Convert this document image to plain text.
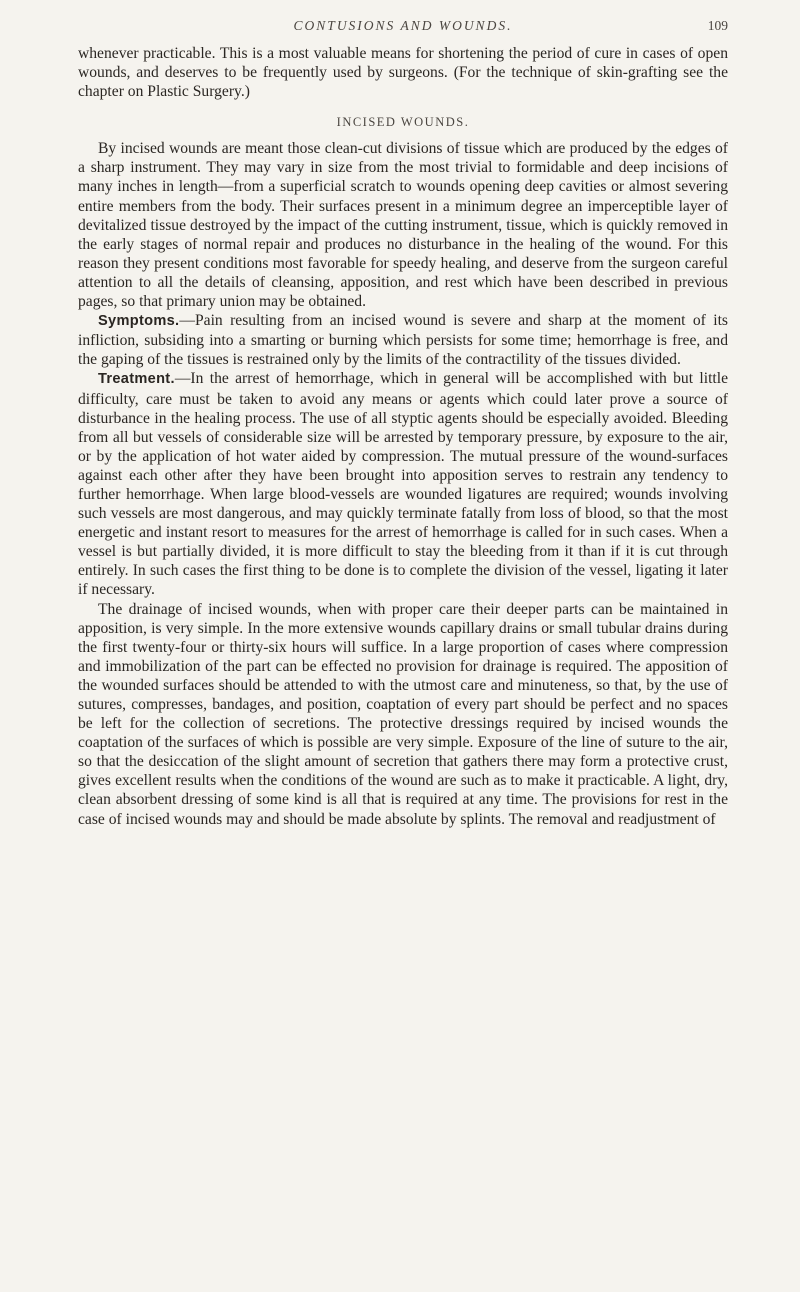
CONTUSIONS AND WOUNDS.	109

whenever practicable. This is a most valuable means for shortening the period of cure in cases of open wounds, and deserves to be frequently used by surgeons. (For the technique of skin-grafting see the chapter on Plastic Surgery.)

INCISED WOUNDS.

By incised wounds are meant those clean-cut divisions of tissue which are produced by the edges of a sharp instrument. They may vary in size from the most trivial to formidable and deep incisions of many inches in length—from a superficial scratch to wounds opening deep cavities or almost severing entire members from the body. Their surfaces present in a minimum degree an imperceptible layer of devitalized tissue destroyed by the impact of the cutting instrument, tissue, which is quickly removed in the early stages of normal repair and produces no disturbance in the healing of the wound. For this reason they present conditions most favorable for speedy healing, and deserve from the surgeon careful attention to all the details of cleansing, apposition, and rest which have been described in previous pages, so that primary union may be obtained.

Symptoms.—Pain resulting from an incised wound is severe and sharp at the moment of its infliction, subsiding into a smarting or burning which persists for some time; hemorrhage is free, and the gaping of the tissues is restrained only by the limits of the contractility of the tissues divided.

Treatment.—In the arrest of hemorrhage, which in general will be accomplished with but little difficulty, care must be taken to avoid any means or agents which could later prove a source of disturbance in the healing process. The use of all styptic agents should be especially avoided. Bleeding from all but vessels of considerable size will be arrested by temporary pressure, by exposure to the air, or by the application of hot water aided by compression. The mutual pressure of the wound-surfaces against each other after they have been brought into apposition serves to restrain any tendency to further hemorrhage. When large blood-vessels are wounded ligatures are required; wounds involving such vessels are most dangerous, and may quickly terminate fatally from loss of blood, so that the most energetic and instant resort to measures for the arrest of hemorrhage is called for in such cases. When a vessel is but partially divided, it is more difficult to stay the bleeding from it than if it is cut through entirely. In such cases the first thing to be done is to complete the division of the vessel, ligating it later if necessary.

The drainage of incised wounds, when with proper care their deeper parts can be maintained in apposition, is very simple. In the more extensive wounds capillary drains or small tubular drains during the first twenty-four or thirty-six hours will suffice. In a large proportion of cases where compression and immobilization of the part can be effected no provision for drainage is required. The apposition of the wounded surfaces should be attended to with the utmost care and minuteness, so that, by the use of sutures, compresses, bandages, and position, coaptation of every part should be perfect and no spaces be left for the collection of secretions. The protective dressings required by incised wounds the coaptation of the surfaces of which is possible are very simple. Exposure of the line of suture to the air, so that the desiccation of the slight amount of secretion that gathers there may form a protective crust, gives excellent results when the conditions of the wound are such as to make it practicable. A light, dry, clean absorbent dressing of some kind is all that is required at any time. The provisions for rest in the case of incised wounds may and should be made absolute by splints. The removal and readjustment of
